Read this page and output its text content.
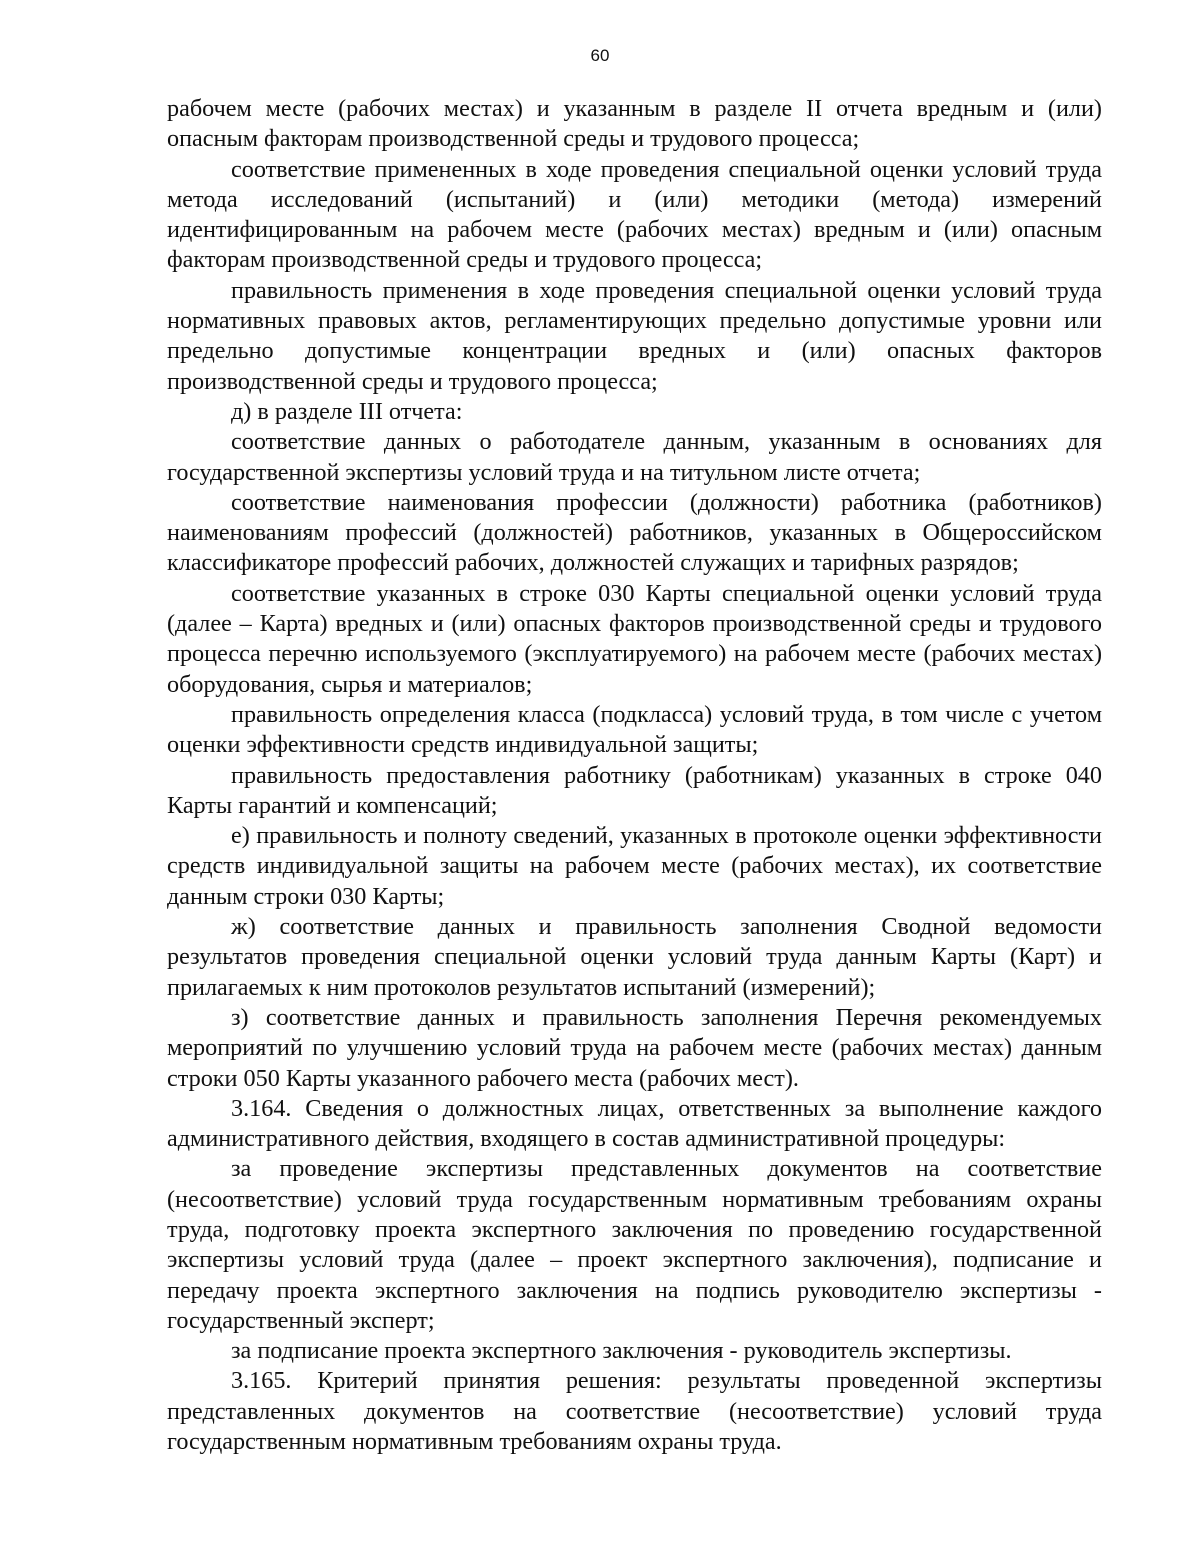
60

рабочем месте (рабочих местах) и указанным в разделе II отчета вредным и (или) опасным факторам производственной среды и трудового процесса;

соответствие примененных в ходе проведения специальной оценки условий труда метода исследований (испытаний) и (или) методики (метода) измерений идентифицированным на рабочем месте (рабочих местах) вредным и (или) опасным факторам производственной среды и трудового процесса;

правильность применения в ходе проведения специальной оценки условий труда нормативных правовых актов, регламентирующих предельно допустимые уровни или предельно допустимые концентрации вредных и (или) опасных факторов производственной среды и трудового процесса;

д) в разделе III отчета:

соответствие данных о работодателе данным, указанным в основаниях для государственной экспертизы условий труда и на титульном листе отчета;

соответствие наименования профессии (должности) работника (работников) наименованиям профессий (должностей) работников, указанных в Общероссийском классификаторе профессий рабочих, должностей служащих и тарифных разрядов;

соответствие указанных в строке 030 Карты специальной оценки условий труда (далее – Карта) вредных и (или) опасных факторов производственной среды и трудового процесса перечню используемого (эксплуатируемого) на рабочем месте (рабочих местах) оборудования, сырья и материалов;

правильность определения класса (подкласса) условий труда, в том числе с учетом оценки эффективности средств индивидуальной защиты;

правильность предоставления работнику (работникам) указанных в строке 040 Карты гарантий и компенсаций;

е) правильность и полноту сведений, указанных в протоколе оценки эффективности средств индивидуальной защиты на рабочем месте (рабочих местах), их соответствие данным строки 030 Карты;

ж) соответствие данных и правильность заполнения Сводной ведомости результатов проведения специальной оценки условий труда данным Карты (Карт) и прилагаемых к ним протоколов результатов испытаний (измерений);

з) соответствие данных и правильность заполнения Перечня рекомендуемых мероприятий по улучшению условий труда на рабочем месте (рабочих местах) данным строки 050 Карты указанного рабочего места (рабочих мест).

3.164. Сведения о должностных лицах, ответственных за выполнение каждого административного действия, входящего в состав административной процедуры:

за проведение экспертизы представленных документов на соответствие (несоответствие) условий труда государственным нормативным требованиям охраны труда, подготовку проекта экспертного заключения по проведению государственной экспертизы условий труда (далее – проект экспертного заключения), подписание и передачу проекта экспертного заключения на подпись руководителю экспертизы - государственный эксперт;

за подписание проекта экспертного заключения - руководитель экспертизы.

3.165. Критерий принятия решения: результаты проведенной экспертизы представленных документов на соответствие (несоответствие) условий труда государственным нормативным требованиям охраны труда.
